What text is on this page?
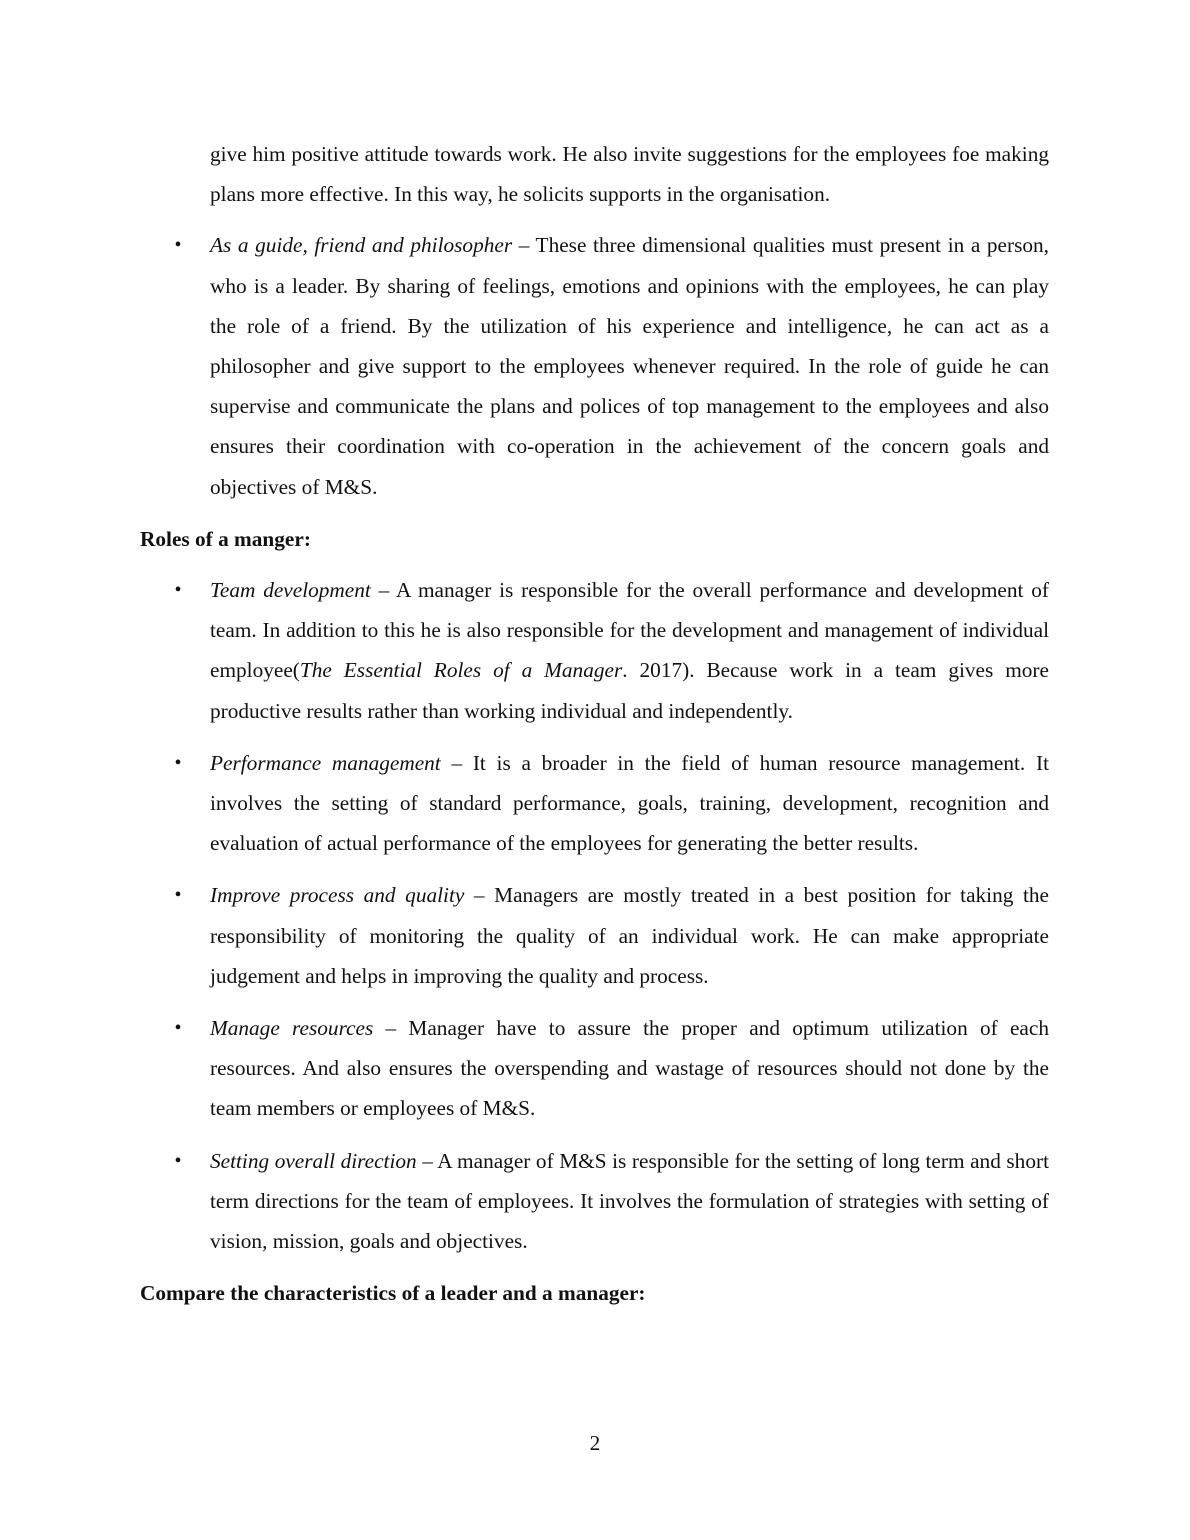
give him positive attitude towards work. He also invite suggestions for the employees foe making plans more effective. In this way, he solicits supports in the organisation.

• As a guide, friend and philosopher – These three dimensional qualities must present in a person, who is a leader. By sharing of feelings, emotions and opinions with the employees, he can play the role of a friend. By the utilization of his experience and intelligence, he can act as a philosopher and give support to the employees whenever required. In the role of guide he can supervise and communicate the plans and polices of top management to the employees and also ensures their coordination with co-operation in the achievement of the concern goals and objectives of M&S.
Roles of a manger:
• Team development – A manager is responsible for the overall performance and development of team. In addition to this he is also responsible for the development and management of individual employee(The Essential Roles of a Manager. 2017). Because work in a team gives more productive results rather than working individual and independently.
• Performance management – It is a broader in the field of human resource management. It involves the setting of standard performance, goals, training, development, recognition and evaluation of actual performance of the employees for generating the better results.
• Improve process and quality – Managers are mostly treated in a best position for taking the responsibility of monitoring the quality of an individual work. He can make appropriate judgement and helps in improving the quality and process.
• Manage resources – Manager have to assure the proper and optimum utilization of each resources. And also ensures the overspending and wastage of resources should not done by the team members or employees of M&S.
• Setting overall direction – A manager of M&S is responsible for the setting of long term and short term directions for the team of employees. It involves the formulation of strategies with setting of vision, mission, goals and objectives.
Compare the characteristics of a leader and a manager:
2
